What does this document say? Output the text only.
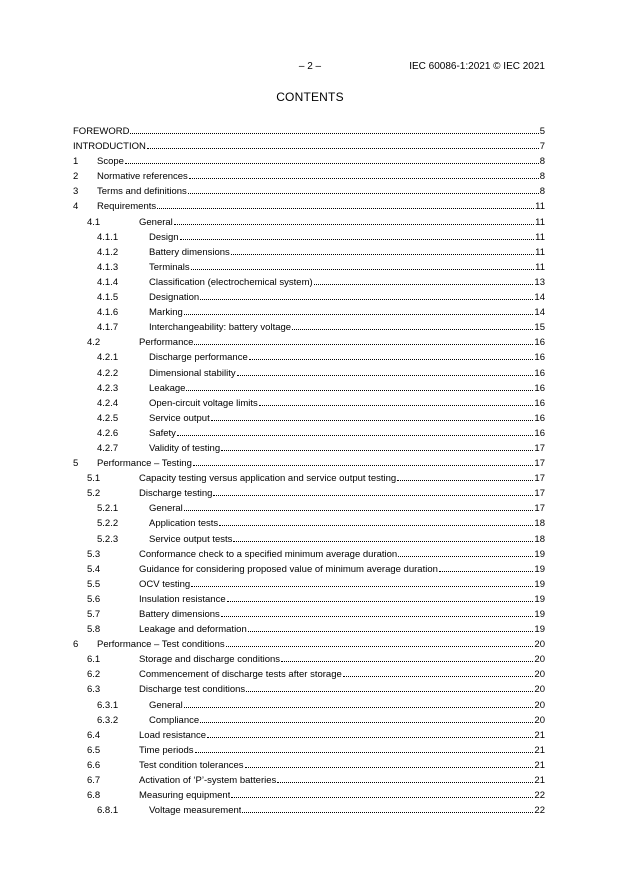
– 2 –	IEC 60086-1:2021 © IEC 2021
CONTENTS
FOREWORD	5
INTRODUCTION	7
1	Scope	8
2	Normative references	8
3	Terms and definitions	8
4	Requirements	11
4.1	General	11
4.1.1	Design	11
4.1.2	Battery dimensions	11
4.1.3	Terminals	11
4.1.4	Classification (electrochemical system)	13
4.1.5	Designation	14
4.1.6	Marking	14
4.1.7	Interchangeability: battery voltage	15
4.2	Performance	16
4.2.1	Discharge performance	16
4.2.2	Dimensional stability	16
4.2.3	Leakage	16
4.2.4	Open-circuit voltage limits	16
4.2.5	Service output	16
4.2.6	Safety	16
4.2.7	Validity of testing	17
5	Performance – Testing	17
5.1	Capacity testing versus application and service output testing	17
5.2	Discharge testing	17
5.2.1	General	17
5.2.2	Application tests	18
5.2.3	Service output tests	18
5.3	Conformance check to a specified minimum average duration	19
5.4	Guidance for considering proposed value of minimum average duration	19
5.5	OCV testing	19
5.6	Insulation resistance	19
5.7	Battery dimensions	19
5.8	Leakage and deformation	19
6	Performance – Test conditions	20
6.1	Storage and discharge conditions	20
6.2	Commencement of discharge tests after storage	20
6.3	Discharge test conditions	20
6.3.1	General	20
6.3.2	Compliance	20
6.4	Load resistance	21
6.5	Time periods	21
6.6	Test condition tolerances	21
6.7	Activation of ‘P’-system batteries	21
6.8	Measuring equipment	22
6.8.1	Voltage measurement	22
